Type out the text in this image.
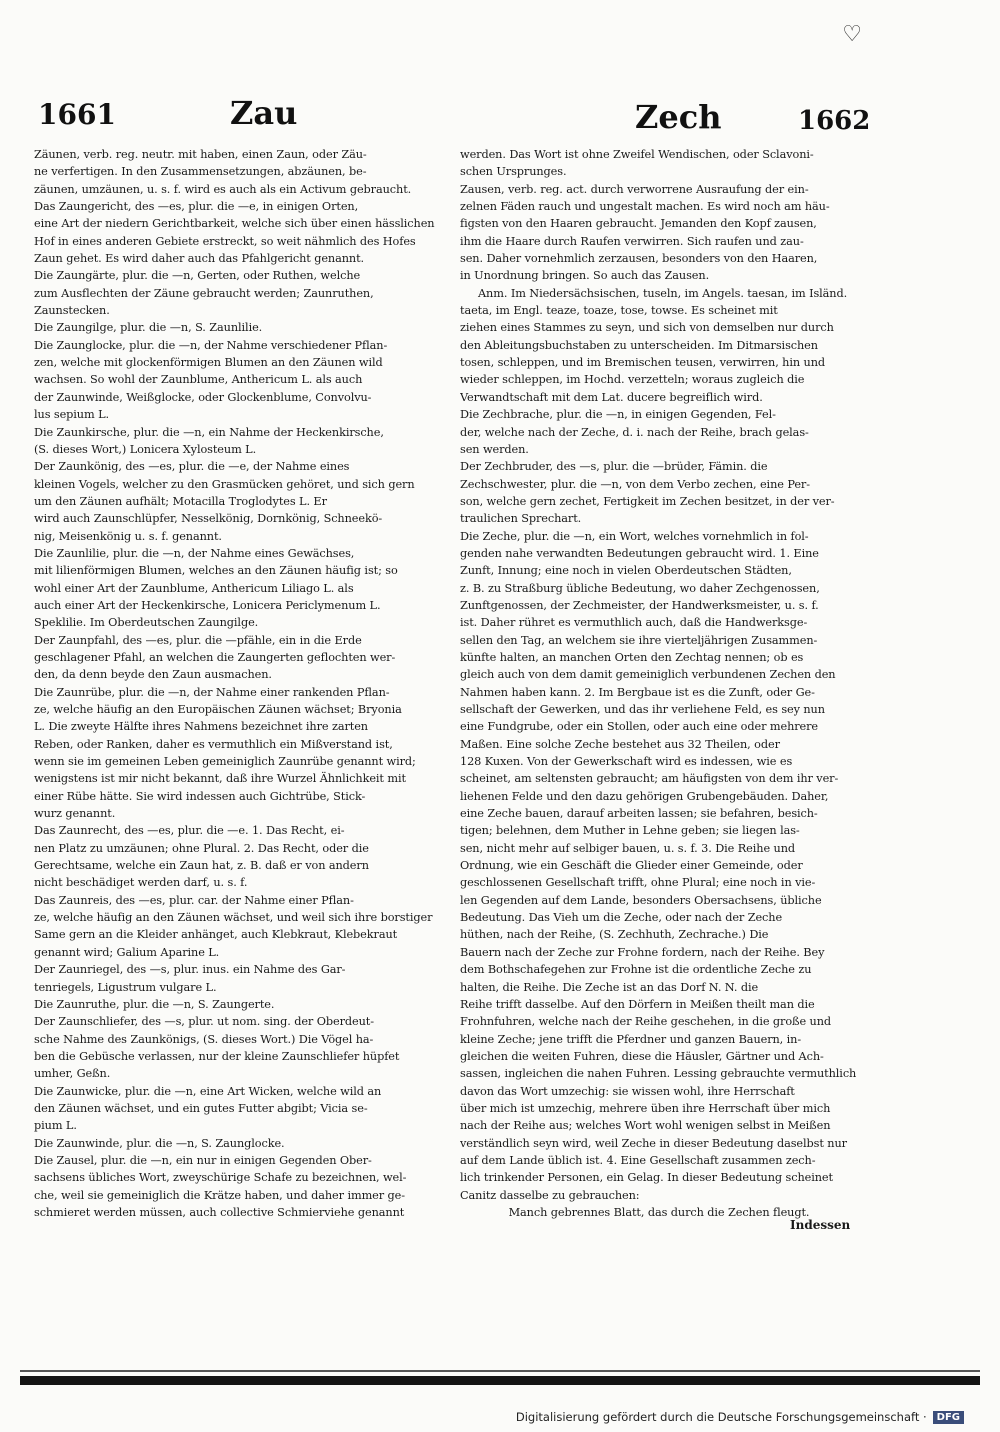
♡
1661	Zau	Zech	1662
Zäunen, verb. reg. neutr. mit haben, einen Zaun, oder Zäu-
ne verfertigen. In den Zusammensetzungen, abzäunen, be-
zäunen, umzäunen, u. s. f. wird es auch als ein Activum gebraucht.
Das Zaungericht, des —es, plur. die —e, in einigen Orten,
eine Art der niedern Gerichtbarkeit, welche sich über einen hässlichen
Hof in eines anderen Gebiete erstreckt, so weit nähmlich des Hofes
Zaun gehet. Es wird daher auch das Pfahlgericht genannt.
Die Zaungärte, plur. die —n, Gerten, oder Ruthen, welche
zum Ausflechten der Zäune gebraucht werden; Zaunruthen,
Zaunstecken.
Die Zaungilge, plur. die —n, S. Zaunlilie.
Die Zaunglocke, plur. die —n, der Nahme verschiedener Pflan-
zen, welche mit glockenförmigen Blumen an den Zäunen wild
wachsen. So wohl der Zaunblume, Anthericum L. als auch
der Zaunwinde, Weißglocke, oder Glockenblume, Convolvu-
lus sepium L.
Die Zaunkirsche, plur. die —n, ein Nahme der Heckenkirsche,
(S. dieses Wort,) Lonicera Xylosteum L.
Der Zaunkönig, des —es, plur. die —e, der Nahme eines
kleinen Vogels, welcher zu den Grasmücken gehöret, und sich gern
um den Zäunen aufhält; Motacilla Troglodytes L. Er
wird auch Zaunschlüpfer, Nesselkönig, Dornkönig, Schneekö-
nig, Meisenkönig u. s. f. genannt.
Die Zaunlilie, plur. die —n, der Nahme eines Gewächses,
mit lilienförmigen Blumen, welches an den Zäunen häufig ist; so
wohl einer Art der Zaunblume, Anthericum Liliago L. als
auch einer Art der Heckenkirsche, Lonicera Periclymenum L.
Speklilie. Im Oberdeutschen Zaungilge.
Der Zaunpfahl, des —es, plur. die —pfähle, ein in die Erde
geschlagener Pfahl, an welchen die Zaungerten geflochten wer-
den, da denn beyde den Zaun ausmachen.
Die Zaunrübe, plur. die —n, der Nahme einer rankenden Pflan-
ze, welche häufig an den Europäischen Zäunen wächset; Bryonia
L. Die zweyte Hälfte ihres Nahmens bezeichnet ihre zarten
Reben, oder Ranken, daher es vermuthlich ein Mißverstand ist,
wenn sie im gemeinen Leben gemeiniglich Zaunrübe genannt wird;
wenigstens ist mir nicht bekannt, daß ihre Wurzel Ähnlichkeit mit
einer Rübe hätte. Sie wird indessen auch Gichtrübe, Stick-
wurz genannt.
Das Zaunrecht, des —es, plur. die —e. 1. Das Recht, ei-
nen Platz zu umzäunen; ohne Plural. 2. Das Recht, oder die
Gerechtsame, welche ein Zaun hat, z. B. daß er von andern
nicht beschädiget werden darf, u. s. f.
Das Zaunreis, des —es, plur. car. der Nahme einer Pflan-
ze, welche häufig an den Zäunen wächset, und weil sich ihre borstiger
Same gern an die Kleider anhänget, auch Klebkraut, Klebekraut
genannt wird; Galium Aparine L.
Der Zaunriegel, des —s, plur. inus. ein Nahme des Gar-
tenriegels, Ligustrum vulgare L.
Die Zaunruthe, plur. die —n, S. Zaungerte.
Der Zaunschliefer, des —s, plur. ut nom. sing. der Oberdeut-
sche Nahme des Zaunkönigs, (S. dieses Wort.) Die Vögel ha-
ben die Gebüsche verlassen, nur der kleine Zaunschliefer hüpfet
umher, Geßn.
Die Zaunwicke, plur. die —n, eine Art Wicken, welche wild an
den Zäunen wächset, und ein gutes Futter abgibt; Vicia se-
pium L.
Die Zaunwinde, plur. die —n, S. Zaunglocke.
Die Zausel, plur. die —n, ein nur in einigen Gegenden Ober-
sachsens übliches Wort, zweyschürige Schafe zu bezeichnen, wel-
che, weil sie gemeiniglich die Krätze haben, und daher immer ge-
schmieret werden müssen, auch collective Schmierviehe genannt
werden. Das Wort ist ohne Zweifel Wendischen, oder Sclavoni-
schen Ursprunges.
Zausen, verb. reg. act. durch verworrene Ausraufung der ein-
zelnen Fäden rauch und ungestalt machen. Es wird noch am häu-
figsten von den Haaren gebraucht. Jemanden den Kopf zausen,
ihm die Haare durch Raufen verwirren. Sich raufen und zau-
sen. Daher vornehmlich zerzausen, besonders von den Haaren,
in Unordnung bringen. So auch das Zausen.
Anm. Im Niedersächsischen, tuseln, im Angels. taesan, im Isländ.
taeta, im Engl. teaze, toaze, tose, towse. Es scheinet mit
ziehen eines Stammes zu seyn, und sich von demselben nur durch
den Ableitungsbuchstaben zu unterscheiden. Im Ditmarsischen
tosen, schleppen, und im Bremischen teusen, verwirren, hin und
wieder schleppen, im Hochd. verzetteln; woraus zugleich die
Verwandtschaft mit dem Lat. ducere begreiflich wird.
Die Zechbrache, plur. die —n, in einigen Gegenden, Fel-
der, welche nach der Zeche, d. i. nach der Reihe, brach gelas-
sen werden.
Der Zechbruder, des —s, plur. die —brüder, Fämin. die
Zechschwester, plur. die —n, von dem Verbo zechen, eine Per-
son, welche gern zechet, Fertigkeit im Zechen besitzet, in der ver-
traulichen Sprechart.
Die Zeche, plur. die —n, ein Wort, welches vornehmlich in fol-
genden nahe verwandten Bedeutungen gebraucht wird. 1. Eine
Zunft, Innung; eine noch in vielen Oberdeutschen Städten,
z. B. zu Straßburg übliche Bedeutung, wo daher Zechgenossen,
Zunftgenossen, der Zechmeister, der Handwerksmeister, u. s. f.
ist. Daher rühret es vermuthlich auch, daß die Handwerksge-
sellen den Tag, an welchem sie ihre vierteljährigen Zusammen-
künfte halten, an manchen Orten den Zechtag nennen; ob es
gleich auch von dem damit gemeiniglich verbundenen Zechen den
Nahmen haben kann. 2. Im Bergbaue ist es die Zunft, oder Ge-
sellschaft der Gewerken, und das ihr verliehene Feld, es sey nun
eine Fundgrube, oder ein Stollen, oder auch eine oder mehrere
Maßen. Eine solche Zeche bestehet aus 32 Theilen, oder
128 Kuxen. Von der Gewerkschaft wird es indessen, wie es
scheinet, am seltensten gebraucht; am häufigsten von dem ihr ver-
liehenen Felde und den dazu gehörigen Grubengebäuden. Daher,
eine Zeche bauen, darauf arbeiten lassen; sie befahren, besich-
tigen; belehnen, dem Muther in Lehne geben; sie liegen las-
sen, nicht mehr auf selbiger bauen, u. s. f. 3. Die Reihe und
Ordnung, wie ein Geschäft die Glieder einer Gemeinde, oder
geschlossenen Gesellschaft trifft, ohne Plural; eine noch in vie-
len Gegenden auf dem Lande, besonders Obersachsens, übliche
Bedeutung. Das Vieh um die Zeche, oder nach der Zeche
hüthen, nach der Reihe, (S. Zechhuth, Zechrache.) Die
Bauern nach der Zeche zur Frohne fordern, nach der Reihe. Bey
dem Bothschafegehen zur Frohne ist die ordentliche Zeche zu
halten, die Reihe. Die Zeche ist an das Dorf N. N. die
Reihe trifft dasselbe. Auf den Dörfern in Meißen theilt man die
Frohnfuhren, welche nach der Reihe geschehen, in die große und
kleine Zeche; jene trifft die Pferdner und ganzen Bauern, in-
gleichen die weiten Fuhren, diese die Häusler, Gärtner und Ach-
sassen, ingleichen die nahen Fuhren. Lessing gebrauchte vermuthlich
davon das Wort umzechig: sie wissen wohl, ihre Herrschaft
über mich ist umzechig, mehrere üben ihre Herrschaft über mich
nach der Reihe aus; welches Wort wohl wenigen selbst in Meißen
verständlich seyn wird, weil Zeche in dieser Bedeutung daselbst nur
auf dem Lande üblich ist. 4. Eine Gesellschaft zusammen zech-
lich trinkender Personen, ein Gelag. In dieser Bedeutung scheinet
Canitz dasselbe zu gebrauchen:
Manch gebrennes Blatt, das durch die Zechen fleugt.
Indessen
Digitalisierung gefördert durch die Deutsche Forschungsgemeinschaft ·	DFG
